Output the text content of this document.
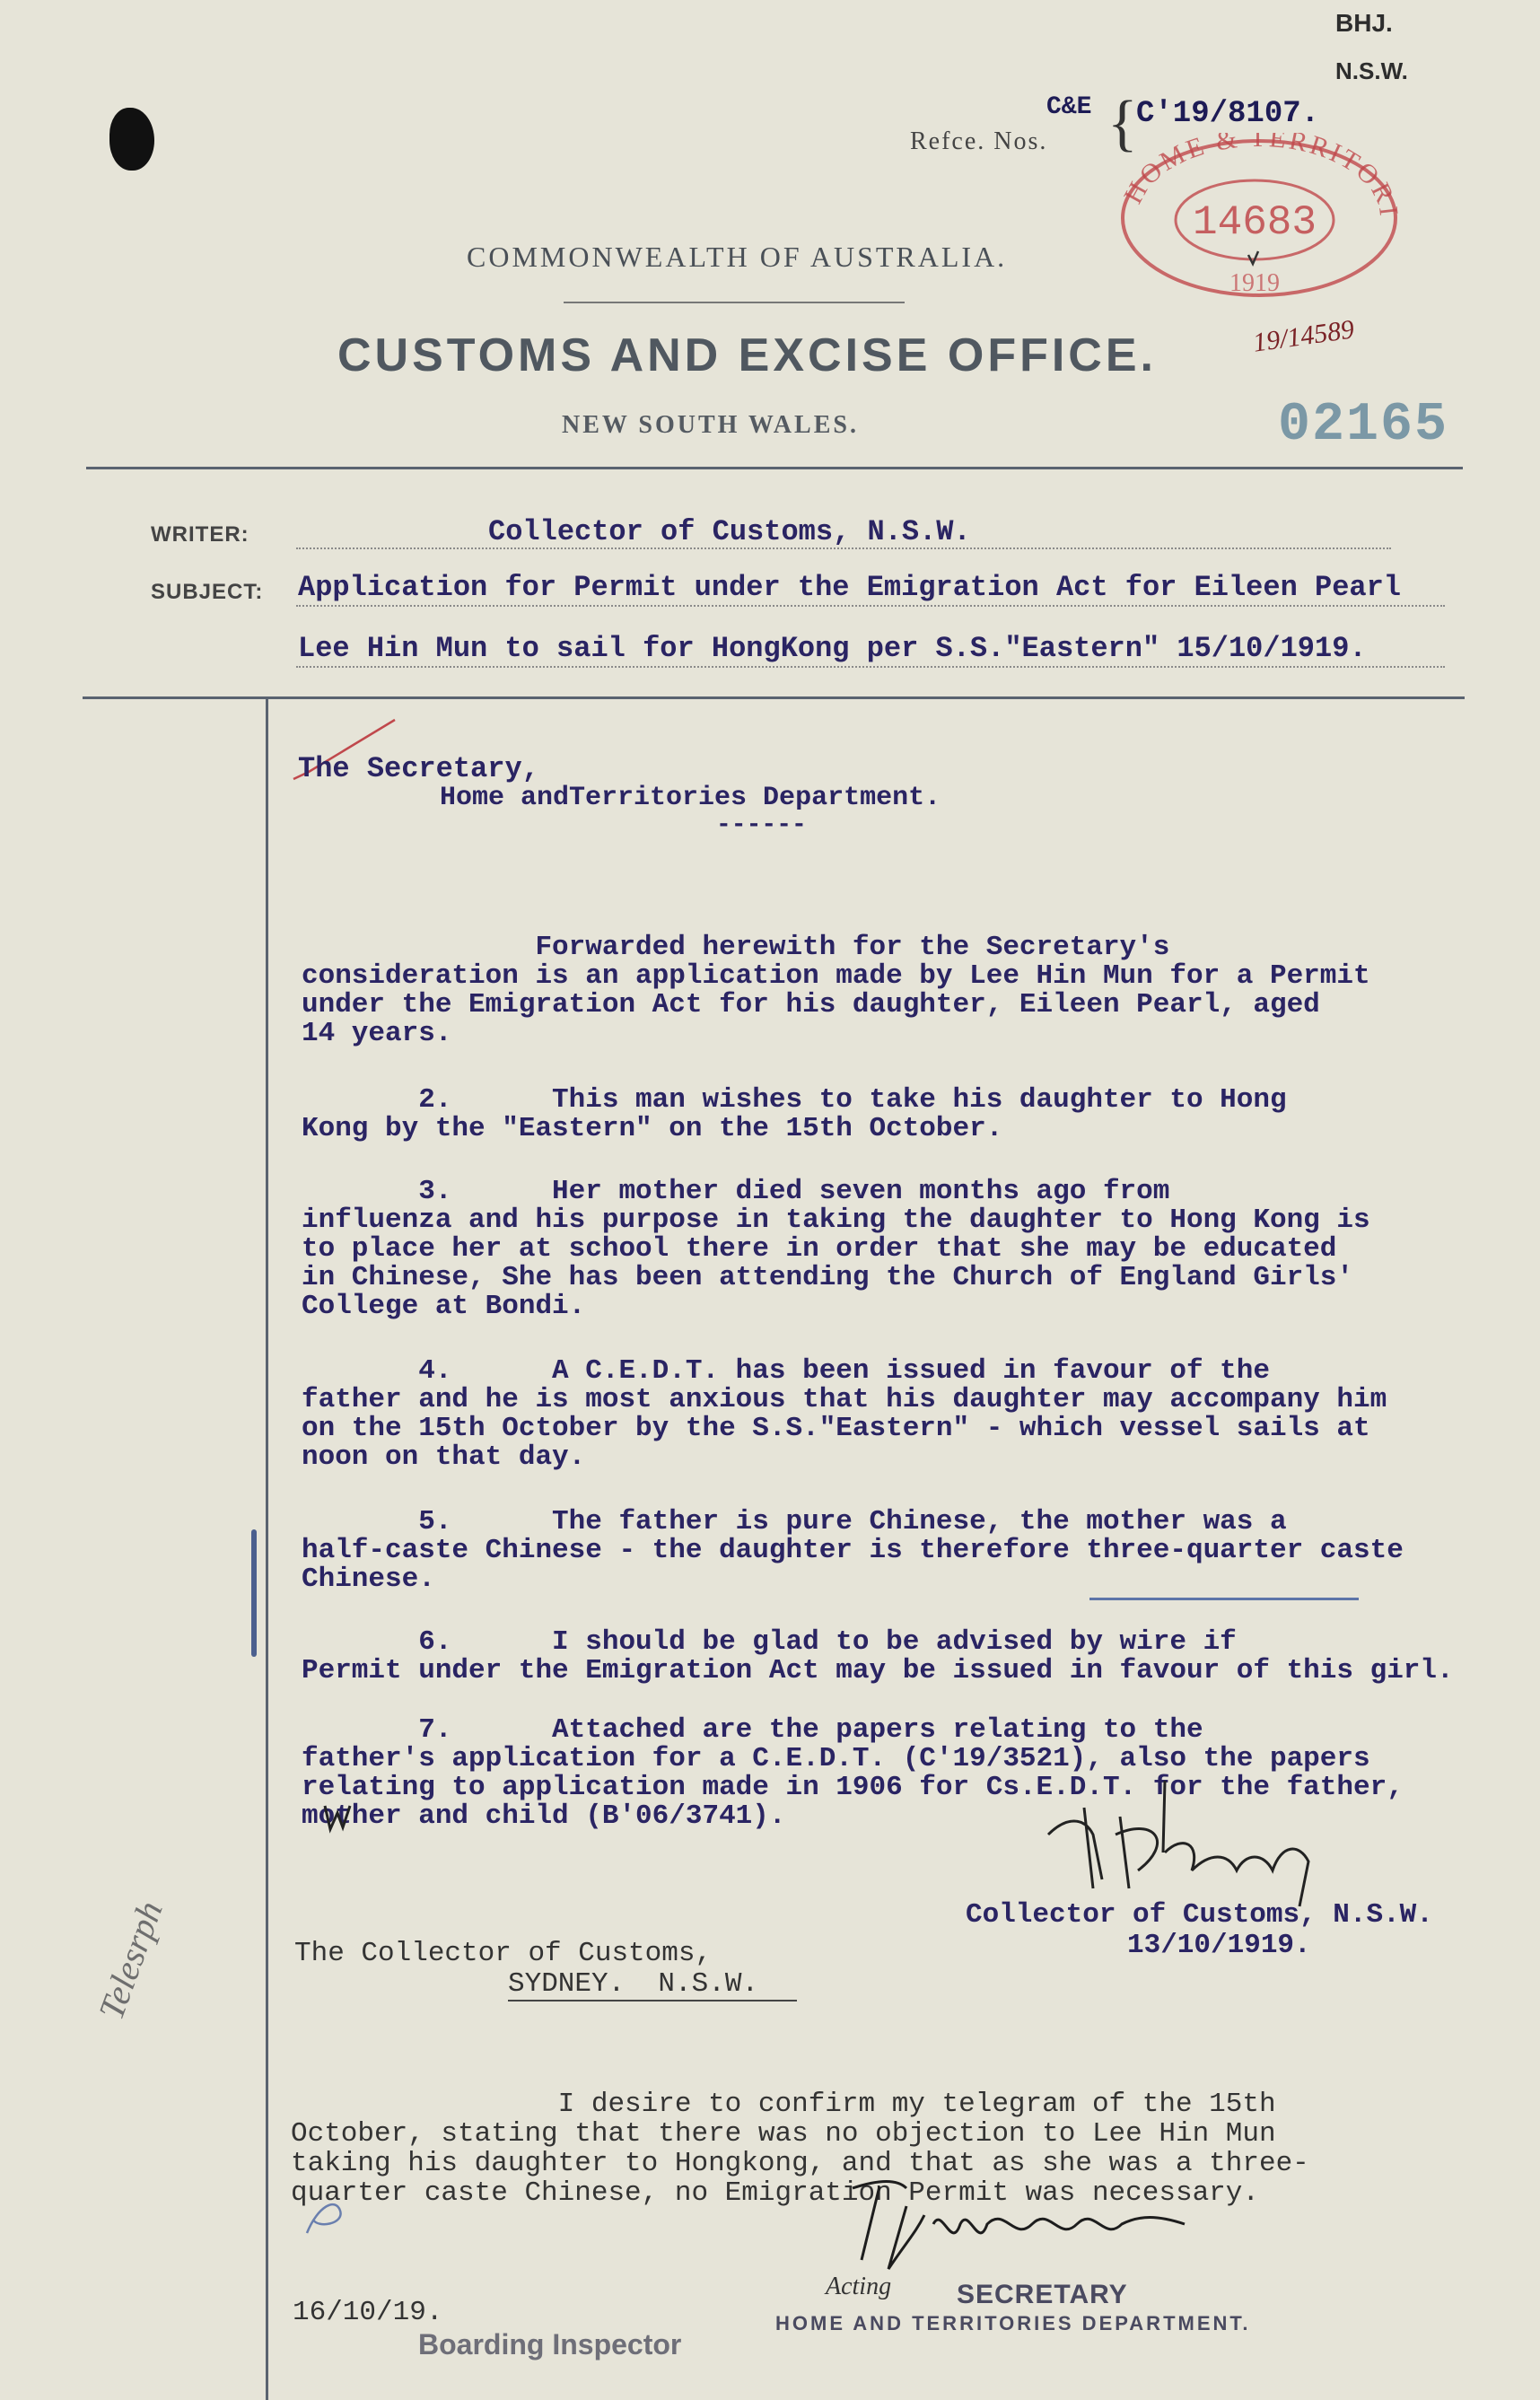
BHJ.
N.S.W.
Refce. Nos.
C&E {
C'19/8107.

HOME & TERRITORI
14683
1919

19/14589
COMMONWEALTH OF AUSTRALIA.
CUSTOMS AND EXCISE OFFICE.
NEW SOUTH WALES.	02165
WRITER:	Collector of Customs, N.S.W.
SUBJECT: Application for Permit under the Emigration Act for Eileen Pearl
Lee Hin Mun to sail for HongKong per S.S."Eastern" 15/10/1919.

The Secretary,
Home andTerritories Department.
------

Forwarded herewith for the Secretary's
consideration is an application made by Lee Hin Mun for a Permit
under the Emigration Act for his daughter, Eileen Pearl, aged
14 years.

2.      This man wishes to take his daughter to Hong
Kong by the "Eastern" on the 15th October.

3.      Her mother died seven months ago from
influenza and his purpose in taking the daughter to Hong Kong is
to place her at school there in order that she may be educated
in Chinese, She has been attending the Church of England Girls'
College at Bondi.

4.      A C.E.D.T. has been issued in favour of the
father and he is most anxious that his daughter may accompany him
on the 15th October by the S.S."Eastern" - which vessel sails at
noon on that day.

5.      The father is pure Chinese, the mother was a
half-caste Chinese - the daughter is therefore three-quarter caste
Chinese.

6.      I should be glad to be advised by wire if
Permit under the Emigration Act may be issued in favour of this girl.

7.      Attached are the papers relating to the
father's application for a C.E.D.T. (C'19/3521), also the papers
relating to application made in 1906 for Cs.E.D.T. for the father,
mother and child (B'06/3741).

Collector of Customs, N.S.W.
13/10/1919.
Telesrph	The Collector of Customs,
SYDNEY.  N.S.W.

I desire to confirm my telegram of the 15th
October, stating that there was no objection to Lee Hin Mun
taking his daughter to Hongkong, and that as she was a three-
quarter caste Chinese, no Emigration Permit was necessary.

Acting SECRETARY
HOME AND TERRITORIES DEPARTMENT.
16/10/19.
Boarding Inspector
